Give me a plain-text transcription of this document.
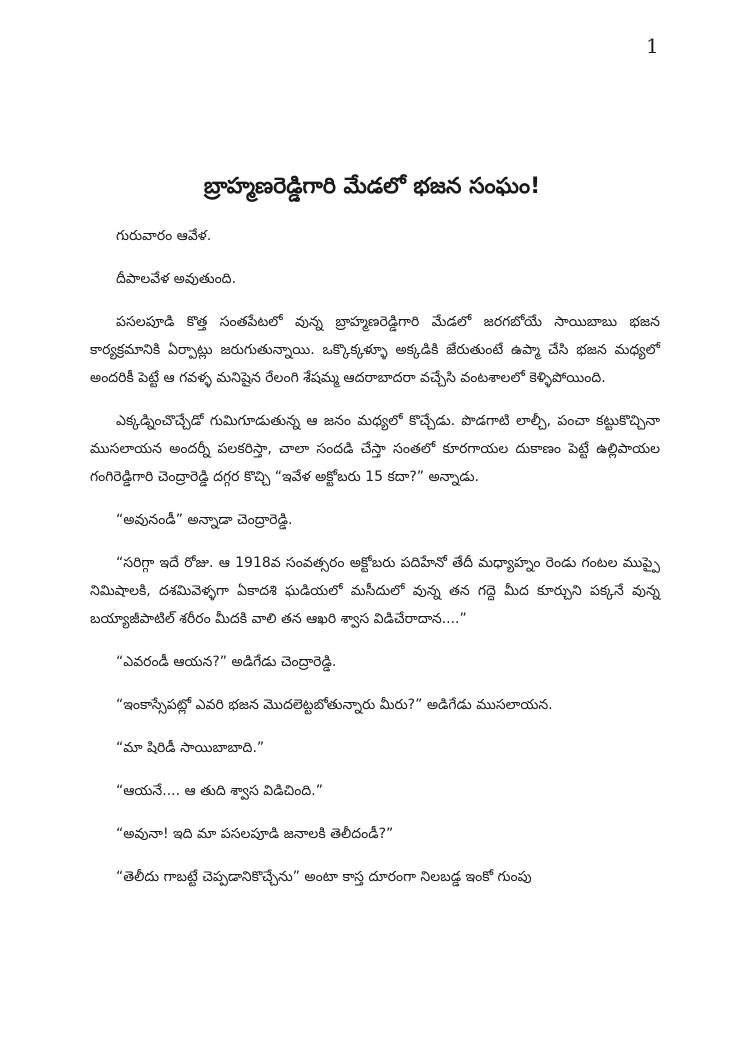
1
బ్రాహ్మణరెడ్డిగారి మేడలో భజన సంఘం!

గురువారం ఆవేళ.

దీపాలవేళ అవుతుంది.

పసలపూడి కొత్త సంతపేటలో వున్న బ్రాహ్మణరెడ్డిగారి మేడలో జరగబోయే సాయిబాబు భజన కార్యక్రమానికి ఏర్పాట్లు జరుగుతున్నాయి. ఒక్కొక్కళ్ళూ అక్కడికి జేరుతుంటే ఉప్మా చేసి భజన మధ్యలో అందరికీ పెట్టే ఆ గవళ్ళ మనిషైన రేలంగి శేషమ్మ ఆదరాబాదరా వచ్చేసి వంటశాలలో కెళ్ళిపోయింది.

ఎక్కడ్నించొచ్చేడో గుమిగూడుతున్న ఆ జనం మధ్యలో కొచ్చేడు. పొడగాటి లాల్చీ, పంచా కట్టుకొచ్చినా ముసలాయన అందర్నీ పలకరిస్తా, చాలా సందడి చేస్తా సంతలో కూరగాయల దుకాణం పెట్టే ఉల్లిపాయల గంగిరెడ్డిగారి చెంద్రారెడ్డి దగ్గర కొచ్చి “ఇవేళ అక్టోబరు 15 కదా?” అన్నాడు.

“అవునండీ” అన్నాడా చెంద్రారెడ్డి.

“సరిగ్గా ఇదే రోజు. ఆ 1918వ సంవత్సరం అక్టోబరు పదిహేనో తేదీ మధ్యాహ్నం రెండు గంటల ముప్పై నిమిషాలకి, దశమివెళ్ళగా ఏకాదశి ఘడియలో మసీదులో వున్న తన గద్దె మీద కూర్చుని పక్కనే వున్న బయ్యాజీపాటిల్ శరీరం మీదకి వాలి తన ఆఖరి శ్వాస విడిచేరాదాన....”

“ఎవరండీ ఆయన?” అడిగేడు చెంద్రారెడ్డి.

“ఇంకాస్సేపట్లో ఎవరి భజన మొదలెట్టబోతున్నారు మీరు?” అడిగేడు ముసలాయన.

“మా షిరిడీ సాయిబాబాది.”

“ఆయనే.... ఆ తుది శ్వాస విడిచింది.”

“అవునా! ఇది మా పసలపూడి జనాలకి తెలీదండీ?”

“తెలీదు గాబట్టే చెప్పడానికొచ్చేను” అంటా కాస్త దూరంగా నిలబడ్డ ఇంకో గుంపు
